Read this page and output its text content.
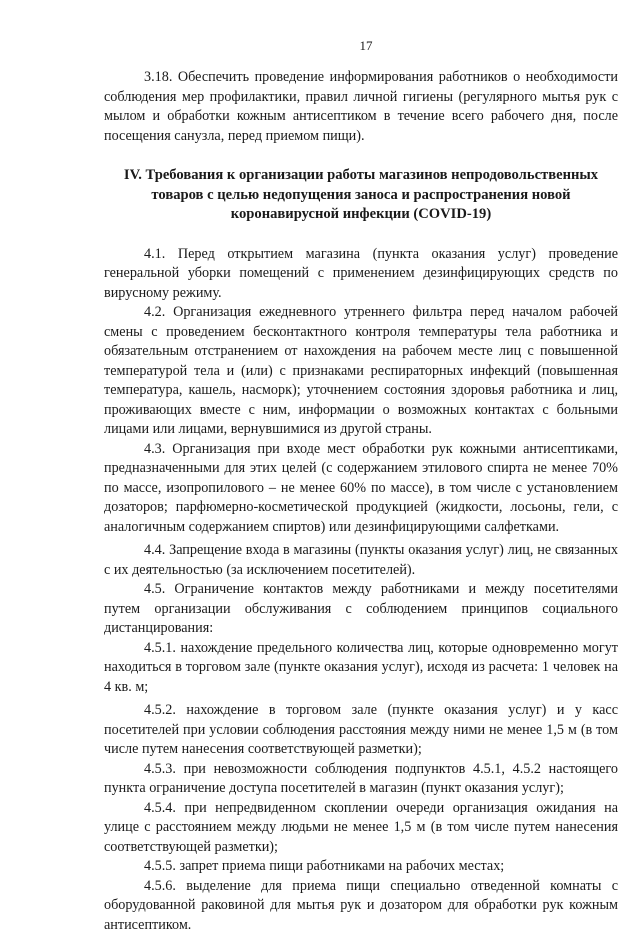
17

3.18. Обеспечить проведение информирования работников о необходимости соблюдения мер профилактики, правил личной гигиены (регулярного мытья рук с мылом и обработки кожным антисептиком в течение всего рабочего дня, после посещения санузла, перед приемом пищи).

IV. Требования к организации работы магазинов непродовольственных
товаров с целью недопущения заноса и распространения новой
коронавирусной инфекции (COVID-19)

4.1. Перед открытием магазина (пункта оказания услуг) проведение генеральной уборки помещений с применением дезинфицирующих средств по вирусному режиму.

4.2. Организация ежедневного утреннего фильтра перед началом рабочей смены с проведением бесконтактного контроля температуры тела работника и обязательным отстранением от нахождения на рабочем месте лиц с повышенной температурой тела и (или) с признаками респираторных инфекций (повышенная температура, кашель, насморк); уточнением состояния здоровья работника и лиц, проживающих вместе с ним, информации о возможных контактах с больными лицами или лицами, вернувшимися из другой страны.

4.3. Организация при входе мест обработки рук кожными антисептиками, предназначенными для этих целей (с содержанием этилового спирта не менее 70% по массе, изопропилового – не менее 60% по массе), в том числе с установлением дозаторов; парфюмерно-косметической продукцией (жидкости, лосьоны, гели, с аналогичным содержанием спиртов) или дезинфицирующими салфетками.

4.4. Запрещение входа в магазины (пункты оказания услуг) лиц, не связанных с их деятельностью (за исключением посетителей).

4.5. Ограничение контактов между работниками и между посетителями путем организации обслуживания с соблюдением принципов социального дистанцирования:

4.5.1. нахождение предельного количества лиц, которые одновременно могут находиться в торговом зале (пункте оказания услуг), исходя из расчета: 1 человек на 4 кв. м;

4.5.2. нахождение в торговом зале (пункте оказания услуг) и у касс посетителей при условии соблюдения расстояния между ними не менее 1,5 м (в том числе путем нанесения соответствующей разметки);

4.5.3. при невозможности соблюдения подпунктов 4.5.1, 4.5.2 настоящего пункта ограничение доступа посетителей в магазин (пункт оказания услуг);

4.5.4. при непредвиденном скоплении очереди организация ожидания на улице с расстоянием между людьми не менее 1,5 м (в том числе путем нанесения соответствующей разметки);

4.5.5. запрет приема пищи работниками на рабочих местах;

4.5.6. выделение для приема пищи специально отведенной комнаты с оборудованной раковиной для мытья рук и дозатором для обработки рук кожным антисептиком.
